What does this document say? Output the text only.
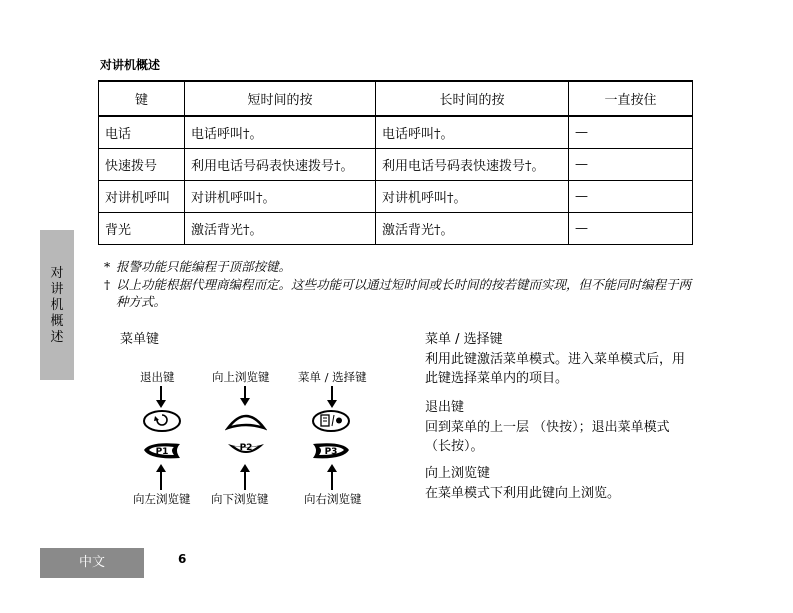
对讲机概述
键	短时间的按	长时间的按	一直按住
电话	电话呼叫†。	电话呼叫†。	—
快速拨号	利用电话号码表快速拨号†。	利用电话号码表快速拨号†。	—
对讲机呼叫	对讲机呼叫†。	对讲机呼叫†。	—
背光	激活背光†。	激活背光†。	—
对讲机概述
* 报警功能只能编程于顶部按键。
† 以上功能根据代理商编程而定。这些功能可以通过短时间或长时间的按若键而实现，但不能同时编程于两种方式。
菜单键
退出键	向上浏览键 菜单 / 选择键
P1	P2	P3
向左浏览键 向下浏览键	向右浏览键
菜单 / 选择键
利用此键激活菜单模式。进入菜单模式后，用此键选择菜单内的项目。
退出键
回到菜单的上一层 （快按）；退出菜单模式（长按）。
向上浏览键
在菜单模式下利用此键向上浏览。
中文	6
